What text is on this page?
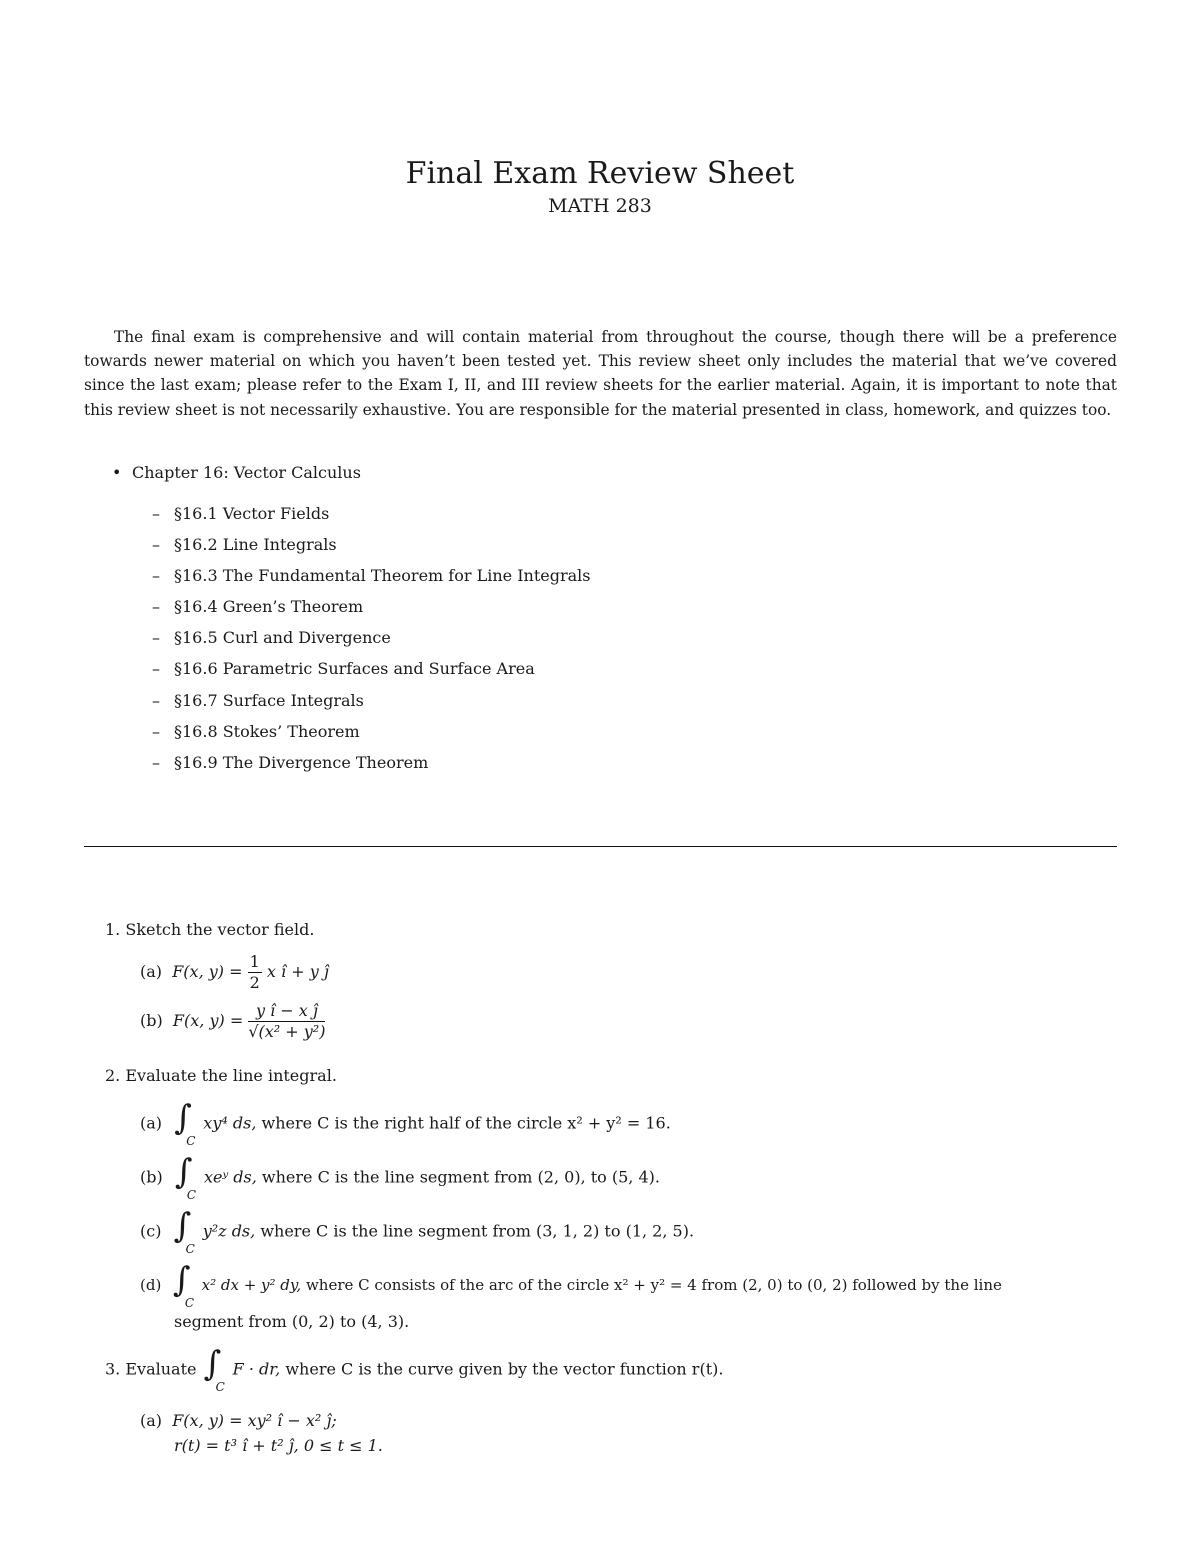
Final Exam Review Sheet
MATH 283

The final exam is comprehensive and will contain material from throughout the course, though there will be a preference towards newer material on which you haven’t been tested yet. This review sheet only includes the material that we’ve covered since the last exam; please refer to the Exam I, II, and III review sheets for the earlier material. Again, it is important to note that this review sheet is not necessarily exhaustive. You are responsible for the material presented in class, homework, and quizzes too.

• Chapter 16: Vector Calculus
– §16.1 Vector Fields
– §16.2 Line Integrals
– §16.3 The Fundamental Theorem for Line Integrals
– §16.4 Green’s Theorem
– §16.5 Curl and Divergence
– §16.6 Parametric Surfaces and Surface Area
– §16.7 Surface Integrals
– §16.8 Stokes’ Theorem
– §16.9 The Divergence Theorem
1. Sketch the vector field.
(a) F(x, $y) = \frac{1}{2}$ x î + y ĵ
(b) F(x, $y) = \frac{\text{y î − x ĵ}}{\text{√(x² + y²)}}$
2. Evaluate the line integral.
(a) ∫
C
xy⁴ ds, where C is the right half of the circle x² + y² = 16.
(b) ∫
C
xeʸ ds, where C is the line segment from (2, 0), to (5, 4).
(c) ∫
C
y²z ds, where C is the line segment from (3, 1, 2) to (1, 2, 5).
(d) ∫
C
x² dx + y² dy, where C consists of the arc of the circle x² + y² = 4 from (2, 0) to (0, 2) followed by the line
segment from (0, 2) to (4, 3).
3. Evaluate ∫
C
F · dr, where C is the curve given by the vector function r(t).
(a) F(x, y) = xy² î − x² ĵ;
r(t) = t³ î + t² ĵ, 0 ≤ t ≤ 1.
